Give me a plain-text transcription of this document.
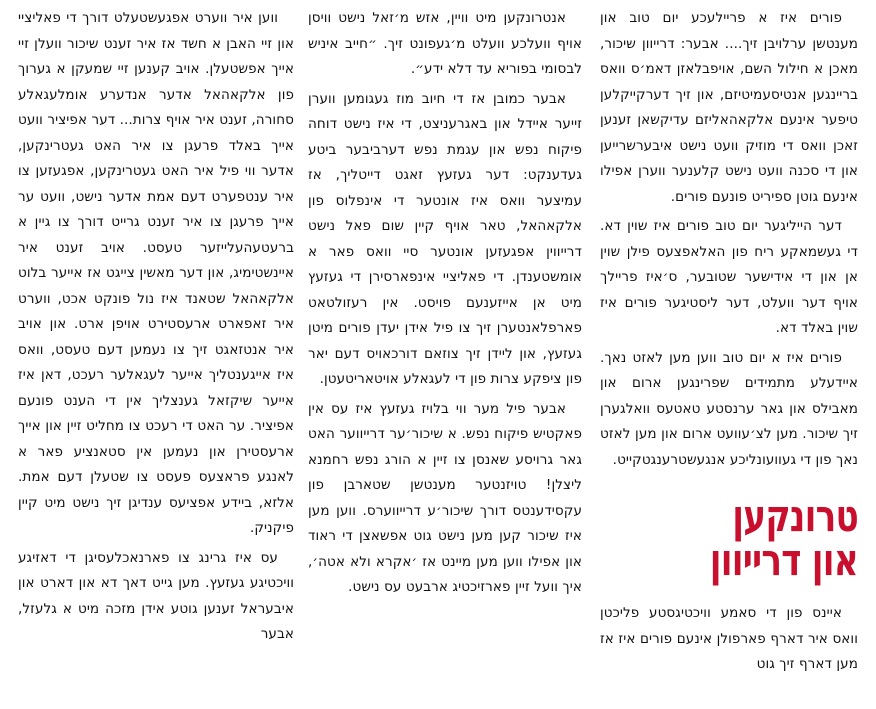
פורים איז א פריילעכע יום טוב און מענטשן ערלויבן זיך.... אבער: דרייוון שיכור, מאכן א חילול השם, אויפבלאזן דאמ׳ס וואס בריינגען אנטיסעמיטיזם, און זיך דערקייקלען טיפער אינעם אלקאהאליזם עדיקשאן זענען זאכן וואס די מוזיק וועט נישט איבערשרייען און די סכנה וועט נישט קלענער ווערן אפילו אינעם גוטן ספיריט פונעם פורים.

דער הייליגער יום טוב פורים איז שוין דא. די געשמאקע ריח פון האלאפצעס פילן שוין אן און די אידישער שטובער, ס׳איז פריילך אויף דער וועלט, דער ליסטיגער פורים איז שוין באלד דא.

פורים איז א יום טוב ווען מען לאזט נאך. איידעלע מתמידים שפרינגען ארום און מאבילס און גאר ערנסטע טאטעס וואלגערן זיך שיכור. מען לצ׳עוועט ארום און מען לאזט נאך פון די געוועונליכע אנגעשטרענגטקייט.

טרונקען
און דרייוון

איינס פון די סאמע וויכטיגסטע פליכטן וואס איר דארף פארפולן אינעם פורים איז אז מען דארף זיך גוט

אנטרונקען מיט וויין, אזש מ׳זאל נישט וויסן אויף וועלכע וועלט מ׳געפונט זיך. ״חייב איניש לבסומי בפוריא עד דלא ידע״.

אבער כמובן אז די חיוב מוז געגומען ווערן זייער איידל און באגרעניצט, די איז נישט דוחה פיקוח נפש און עגמת נפש דערביבער ביטע געדענקט: דער געזעץ זאגט דייטליך, אז עמיצער וואס איז אונטער די אינפלוס פון אלקאהאל, טאר אויף קיין שום פאל נישט דרייווין אפגעזען אונטער סיי וואס פאר א אומשטענדן. די פאליציי אינפארסירן די געזעץ מיט אן אייזענעם פויסט. אין רעזולטאט פארפלאנטערן זיך צו פיל אידן יעדן פורים מיטן געזעץ, און ליידן זיך צוזאם דורכאויס דעם יאר פון ציפקע צרות פון די לעגאלע אויטאריטעטן.

אבער פיל מער ווי בלויז געזעץ איז עס אין פאקטיש פיקוח נפש. א שיכור׳ער דרייווער האט גאר גרויסע שאנסן צו זיין א הורג נפש רחמנא ליצלן! טויזנטער מענטשן שטארבן פון עקסידענטס דורך שיכור׳ע דרייווערס. ווען מען איז שיכור קען מען נישט גוט אפשאצן די ראוד און אפילו ווען מען מיינט אז ׳אקרא ולא אטה׳, איך וועל זיין פארזיכטיג ארבעט עס נישט.

ווען איר ווערט אפגעשטעלט דורך די פאליציי און זיי האבן א חשד אז איר זענט שיכור וועלן זיי אייך אפשטעלן. אויב קענען זיי שמעקן א גערוך פון אלקאהאל אדער אנדערע אומלעגאלע סחורה, זענט איר אויף צרות... דער אפיציר וועט אייך באלד פרעגן צו איר האט געטרינקען, אדער ווי פיל איר האט געטרינקען, אפגעזען צו איר ענטפערט דעם אמת אדער נישט, וועט ער אייך פרעגן צו איר זענט גרייט דורך צו גיין א ברעטעהעלייזער טעסט. אויב זענט איר איינשטימיג, און דער מאשין צייגט אז אייער בלוט אלקאהאל שטאנד איז נול פונקט אכט, ווערט איר זאפארט ארעסטירט אויפן ארט. און אויב איר אנטזאגט זיך צו נעמען דעם טעסט, וואס איז אייגענטליך אייער לעגאלער רעכט, דאן איז אייער שיקזאל גענצליך אין די הענט פונעם אפיציר. ער האט די רעכט צו מחליט זיין און אייך ארעסטירן און נעמען אין סטאנציע פאר א לאנגע פראצעס פעסט צו שטעלן דעם אמת. אלזא, ביידע אפציעס ענדיגן זיך נישט מיט קיין פיקניק.

עס איז גרינג צו פארנאכלעסיגן די דאזיגע וויכטיגע געזעץ. מען גייט דאך דא און דארט און איבעראל זענען גוטע אידן מזכה מיט א גלעזל, אבער
